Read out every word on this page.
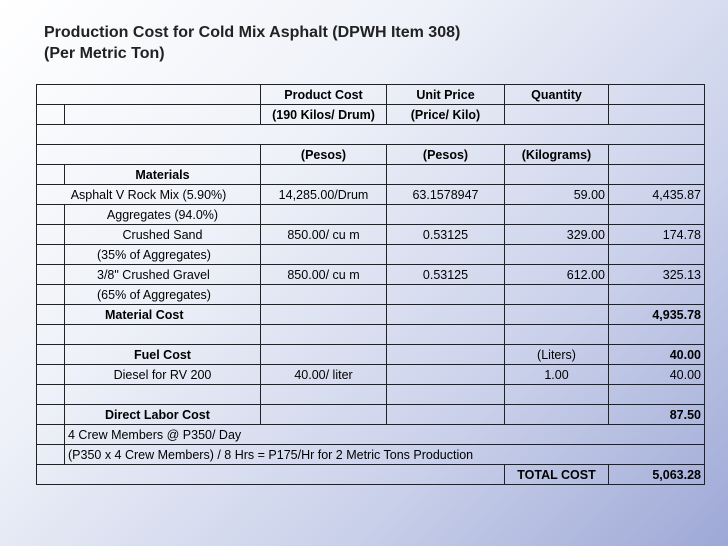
Production Cost for Cold Mix Asphalt (DPWH Item 308)
(Per Metric Ton)
		Product Cost	Unit Price	Quantity	
		(190 Kilos/ Drum)	(Price/ Kilo)		

		(Pesos)	(Pesos)	(Kilograms)	
	Materials				
Asphalt V Rock Mix (5.90%)		14,285.00/Drum	63.1578947	59.00	4,435.87
	Aggregates (94.0%)				
	Crushed Sand	850.00/ cu m	0.53125	329.00	174.78
	(35% of Aggregates)				
	3/8" Crushed Gravel	850.00/ cu m	0.53125	612.00	325.13
	(65% of Aggregates)				
	Material Cost				4,935.78

	Fuel Cost			(Liters)	40.00
	Diesel for RV 200	40.00/ liter		1.00	40.00

	Direct Labor Cost				87.50
	4 Crew Members @ P350/ Day				
	(P350 x 4 Crew Members) / 8 Hrs = P175/Hr for 2 Metric Tons Production				
				TOTAL COST	5,063.28
